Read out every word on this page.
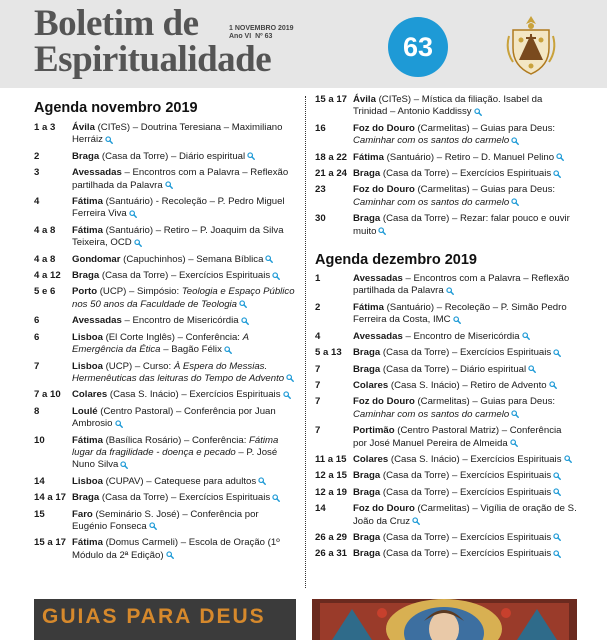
Boletim de
Espiritualidade
1 NOVEMBRO 2019
Ano VI Nº 63	63
Agenda novembro 2019
1 a 3	Ávila (CITeS) – Doutrina Teresiana – Maximiliano Herráiz
2	Braga (Casa da Torre) – Diário espiritual
3	Avessadas – Encontros com a Palavra – Reflexão partilhada da Palavra
4	Fátima (Santuário) - Recoleção – P. Pedro Miguel Ferreira Viva
4 a 8	Fátima (Santuário) – Retiro – P. Joaquim da Silva Teixeira, OCD
4 a 8	Gondomar (Capuchinhos) – Semana Bíblica
4 a 12	Braga (Casa da Torre) – Exercícios Espirituais
5 e 6	Porto (UCP) – Simpósio: Teologia e Espaço Público nos 50 anos da Faculdade de Teologia
6	Avessadas – Encontro de Misericórdia
6	Lisboa (El Corte Inglês) – Conferência: A Emergência da Ética – Bagão Félix
7	Lisboa (UCP) – Curso: À Espera do Messias. Hermenêuticas das leituras do Tempo de Advento
7 a 10	Colares (Casa S. Inácio) – Exercícios Espirituais
8	Loulé (Centro Pastoral) – Conferência por Juan Ambrosio
10	Fátima (Basílica Rosário) – Conferência: Fátima lugar da fragilidade - doença e pecado – P. José Nuno Silva
14	Lisboa (CUPAV) – Catequese para adultos
14 a 17 Braga (Casa da Torre) – Exercícios Espirituais
15	Faro (Seminário S. José) – Conferência por Eugénio Fonseca
15 a 17 Fátima (Domus Carmeli) – Escola de Oração (1º Módulo da 2ª Edição)
15 a 17 Ávila (CITeS) – Mística da filiação. Isabel da Trinidad – Antonio Kaddissy
16	Foz do Douro (Carmelitas) – Guias para Deus: Caminhar com os santos do carmelo
18 a 22 Fátima (Santuário) – Retiro – D. Manuel Pelino
21 a 24 Braga (Casa da Torre) – Exercícios Espirituais
23	Foz do Douro (Carmelitas) – Guias para Deus: Caminhar com os santos do carmelo
30	Braga (Casa da Torre) – Rezar: falar pouco e ouvir muito
Agenda dezembro 2019
1	Avessadas – Encontros com a Palavra – Reflexão partilhada da Palavra
2	Fátima (Santuário) – Recoleção – P. Simão Pedro Ferreira da Costa, IMC
4	Avessadas – Encontro de Misericórdia
5 a 13	Braga (Casa da Torre) – Exercícios Espirituais
7	Braga (Casa da Torre) – Diário espiritual
7	Colares (Casa S. Inácio) – Retiro de Advento
7	Foz do Douro (Carmelitas) – Guias para Deus: Caminhar com os santos do carmelo
7	Portimão (Centro Pastoral Matriz) – Conferência por José Manuel Pereira de Almeida
11 a 15 Colares (Casa S. Inácio) – Exercícios Espirituais
12 a 15 Braga (Casa da Torre) – Exercícios Espirituais
12 a 19 Braga (Casa da Torre) – Exercícios Espirituais
14	Foz do Douro (Carmelitas) – Vigília de oração de S. João da Cruz
26 a 29 Braga (Casa da Torre) – Exercícios Espirituais
26 a 31 Braga (Casa da Torre) – Exercícios Espirituais
GUIAS PARA DEUS
